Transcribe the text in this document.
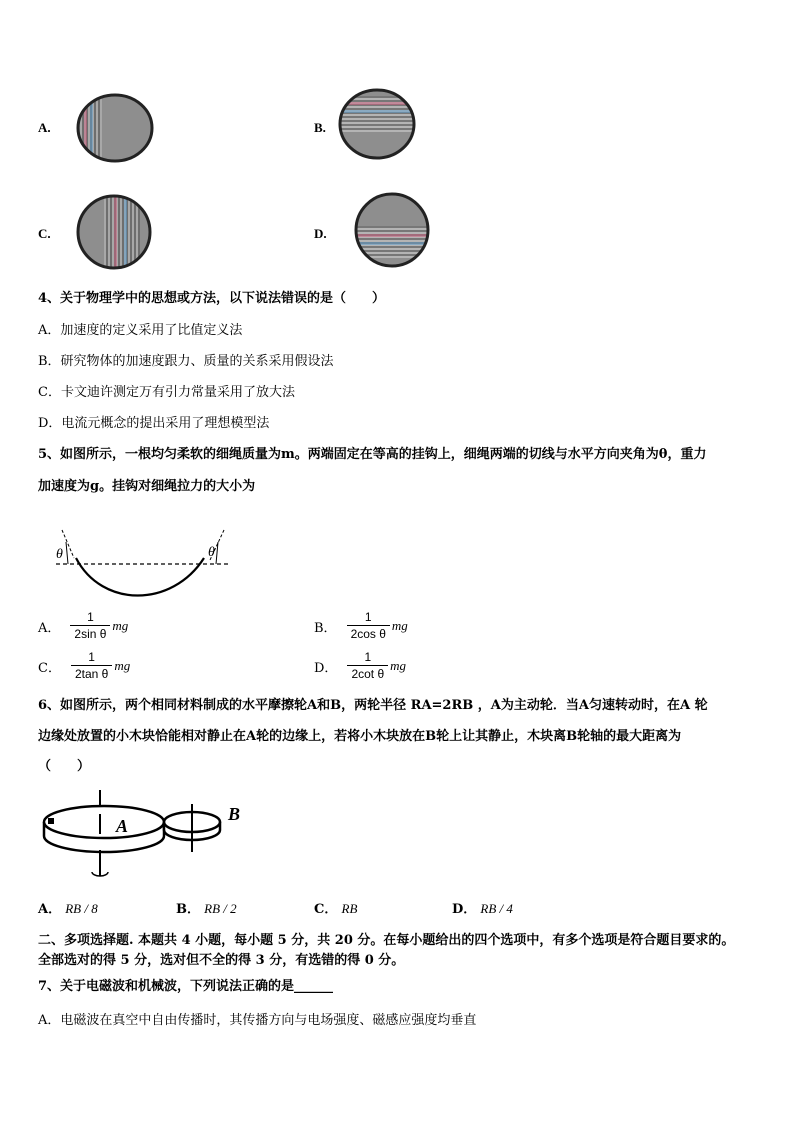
A.	B.
C.	D.
4、关于物理学中的思想或方法，以下说法错误的是（　　）
A．加速度的定义采用了比值定义法
B．研究物体的加速度跟力、质量的关系采用假设法
C．卡文迪许测定万有引力常量采用了放大法
D．电流元概念的提出采用了理想模型法
5、如图所示，一根均匀柔软的细绳质量为m。两端固定在等高的挂钩上，细绳两端的切线与水平方向夹角为θ，重力
加速度为g。挂钩对细绳拉力的大小为
θ	θ
A． $\frac{1}{\text{2sin θ}}$ mg	B． $\frac{1}{\text{2cos θ}}$ mg
C． $\frac{1}{\text{2tan θ}}$ mg	D． $\frac{1}{\text{2cot θ}}$ mg
6、如图所示，两个相同材料制成的水平摩擦轮A和B，两轮半径 RA=2RB ，A为主动轮．当A匀速转动时，在A 轮
边缘处放置的小木块恰能相对静止在A轮的边缘上，若将小木块放在B轮上让其静止，木块离B轮轴的最大距离为
（　　）
A
B
A． RB / 8	B． RB / 2	C． RB	D． RB / 4
二、多项选择题. 本题共 4 小题，每小题 5 分，共 20 分。在每小题给出的四个选项中，有多个选项是符合题目要求的。
全部选对的得 5 分，选对但不全的得 3 分，有选错的得 0 分。
7、关于电磁波和机械波，下列说法正确的是______
A．电磁波在真空中自由传播时，其传播方向与电场强度、磁感应强度均垂直
